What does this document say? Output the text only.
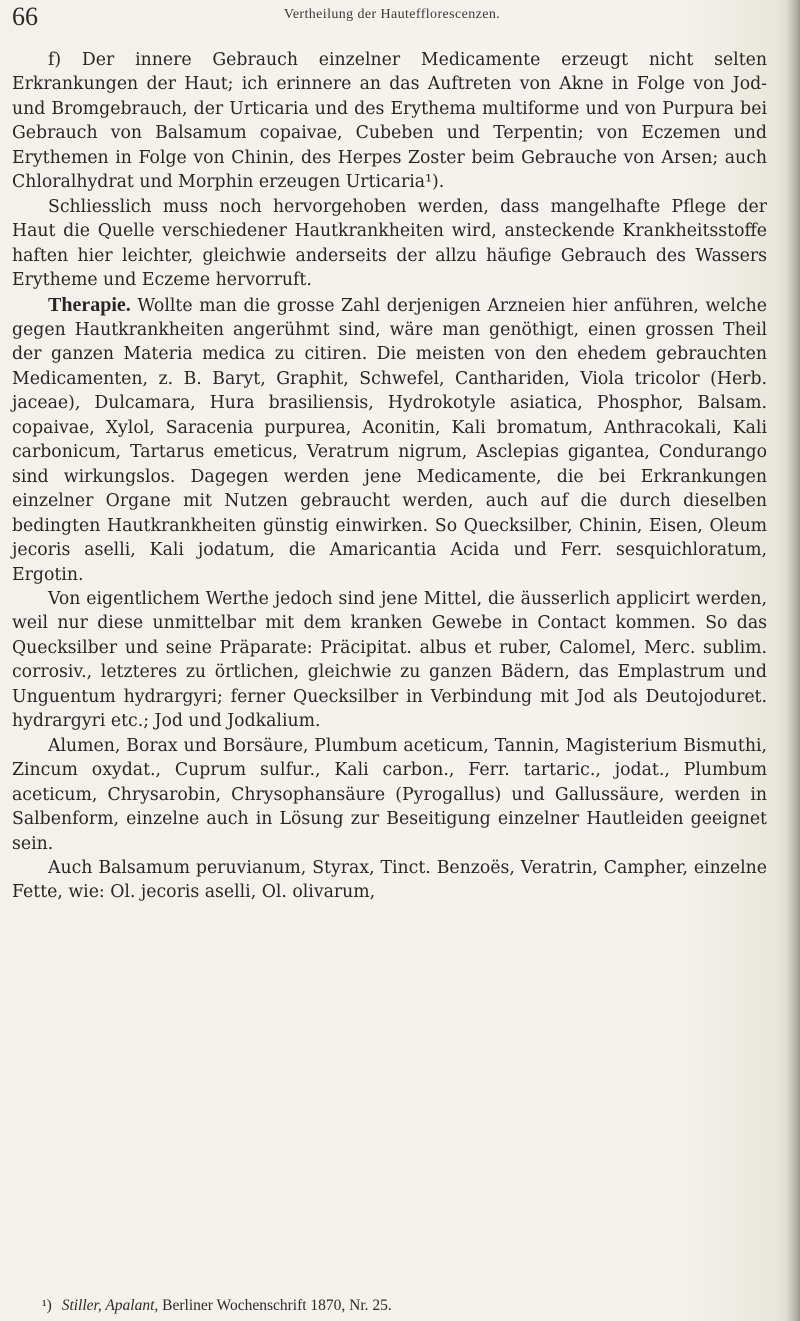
66	Vertheilung der Hautefflorescenzen.

f) Der innere Gebrauch einzelner Medicamente erzeugt nicht selten Erkrankungen der Haut; ich erinnere an das Auftreten von Akne in Folge von Jod- und Bromgebrauch, der Urticaria und des Erythema multiforme und von Purpura bei Gebrauch von Balsamum copaivae, Cubeben und Terpentin; von Eczemen und Erythemen in Folge von Chinin, des Herpes Zoster beim Gebrauche von Arsen; auch Chloralhydrat und Morphin erzeugen Urticaria¹).

Schliesslich muss noch hervorgehoben werden, dass mangelhafte Pflege der Haut die Quelle verschiedener Hautkrankheiten wird, ansteckende Krankheitsstoffe haften hier leichter, gleichwie anderseits der allzu häufige Gebrauch des Wassers Erytheme und Eczeme hervorruft.

Therapie. Wollte man die grosse Zahl derjenigen Arzneien hier anführen, welche gegen Hautkrankheiten angerühmt sind, wäre man genöthigt, einen grossen Theil der ganzen Materia medica zu citiren. Die meisten von den ehedem gebrauchten Medicamenten, z. B. Baryt, Graphit, Schwefel, Canthariden, Viola tricolor (Herb. jaceae), Dulcamara, Hura brasiliensis, Hydrokotyle asiatica, Phosphor, Balsam. copaivae, Xylol, Saracenia purpurea, Aconitin, Kali bromatum, Anthracokali, Kali carbonicum, Tartarus emeticus, Veratrum nigrum, Asclepias gigantea, Condurango sind wirkungslos. Dagegen werden jene Medicamente, die bei Erkrankungen einzelner Organe mit Nutzen gebraucht werden, auch auf die durch dieselben bedingten Hautkrankheiten günstig einwirken. So Quecksilber, Chinin, Eisen, Oleum jecoris aselli, Kali jodatum, die Amaricantia Acida und Ferr. sesquichloratum, Ergotin.

Von eigentlichem Werthe jedoch sind jene Mittel, die äusserlich applicirt werden, weil nur diese unmittelbar mit dem kranken Gewebe in Contact kommen. So das Quecksilber und seine Präparate: Präcipitat. albus et ruber, Calomel, Merc. sublim. corrosiv., letzteres zu örtlichen, gleichwie zu ganzen Bädern, das Emplastrum und Unguentum hydrargyri; ferner Quecksilber in Verbindung mit Jod als Deutojoduret. hydrargyri etc.; Jod und Jodkalium.

Alumen, Borax und Borsäure, Plumbum aceticum, Tannin, Magisterium Bismuthi, Zincum oxydat., Cuprum sulfur., Kali carbon., Ferr. tartaric., jodat., Plumbum aceticum, Chrysarobin, Chrysophansäure (Pyrogallus) und Gallussäure, werden in Salbenform, einzelne auch in Lösung zur Beseitigung einzelner Hautleiden geeignet sein.

Auch Balsamum peruvianum, Styrax, Tinct. Benzoës, Veratrin, Campher, einzelne Fette, wie: Ol. jecoris aselli, Ol. olivarum,

¹) Stiller, Apalant, Berliner Wochenschrift 1870, Nr. 25.
